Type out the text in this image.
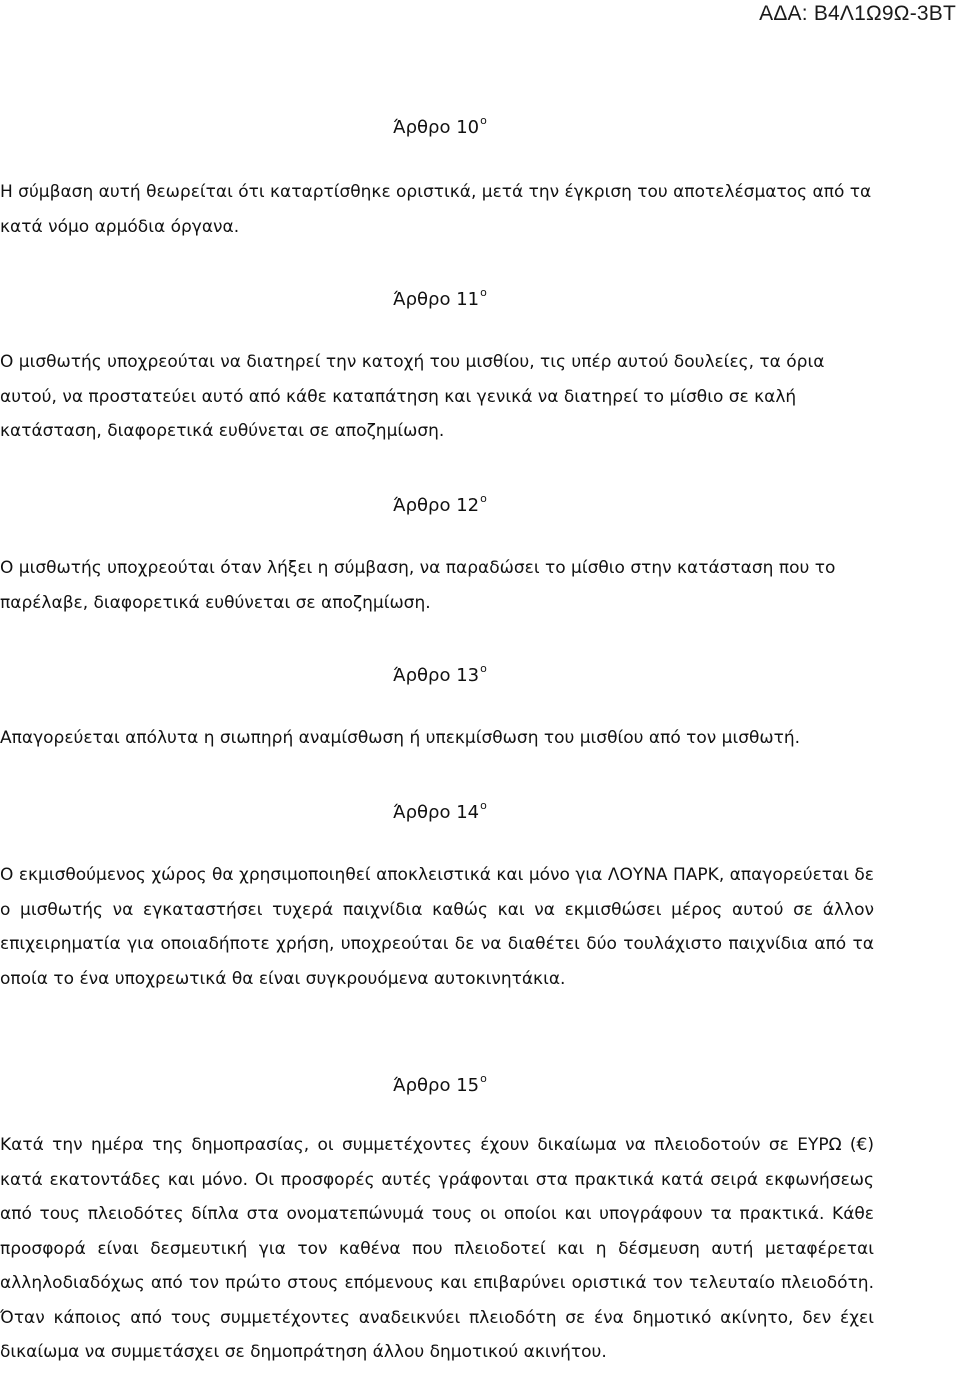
ΑΔΑ: Β4Λ1Ω9Ω-3ΒΤ
Άρθρο $10^o$

Η σύμβαση αυτή θεωρείται ότι καταρτίσθηκε οριστικά, μετά την έγκριση του αποτελέσματος από τα κατά νόμο αρμόδια όργανα.

Άρθρο $11^o$

Ο μισθωτής υποχρεούται να διατηρεί την κατοχή του μισθίου, τις υπέρ αυτού δουλείες, τα όρια αυτού, να προστατεύει αυτό από κάθε καταπάτηση και γενικά να διατηρεί το μίσθιο σε καλή κατάσταση, διαφορετικά ευθύνεται σε αποζημίωση.

Άρθρο $12^o$

Ο μισθωτής υποχρεούται όταν λήξει η σύμβαση, να παραδώσει το μίσθιο στην κατάσταση που το παρέλαβε, διαφορετικά ευθύνεται σε αποζημίωση.

Άρθρο $13^o$

Απαγορεύεται απόλυτα η σιωπηρή αναμίσθωση ή υπεκμίσθωση του μισθίου από τον μισθωτή.

Άρθρο $14^o$

Ο εκμισθούμενος χώρος θα χρησιμοποιηθεί αποκλειστικά και μόνο για ΛΟΥΝΑ ΠΑΡΚ, απαγορεύεται δε ο μισθωτής να εγκαταστήσει τυχερά παιχνίδια καθώς και να εκμισθώσει μέρος αυτού σε άλλον επιχειρηματία για οποιαδήποτε χρήση, υποχρεούται δε να διαθέτει δύο τουλάχιστο παιχνίδια από τα οποία το ένα υποχρεωτικά θα είναι συγκρουόμενα αυτοκινητάκια.

Άρθρο $15^o$

Κατά την ημέρα της δημοπρασίας, οι συμμετέχοντες έχουν δικαίωμα να πλειοδοτούν σε ΕΥΡΩ (€) κατά εκατοντάδες και μόνο. Οι προσφορές αυτές γράφονται στα πρακτικά κατά σειρά εκφωνήσεως από τους πλειοδότες δίπλα στα ονοματεπώνυμά τους οι οποίοι και υπογράφουν τα πρακτικά. Κάθε προσφορά είναι δεσμευτική για τον καθένα που πλειοδοτεί και η δέσμευση αυτή μεταφέρεται αλληλοδιαδόχως από τον πρώτο στους επόμενους και επιβαρύνει οριστικά τον τελευταίο πλειοδότη. Όταν κάποιος από τους συμμετέχοντες αναδεικνύει πλειοδότη σε ένα δημοτικό ακίνητο, δεν έχει δικαίωμα να συμμετάσχει σε δημοπράτηση άλλου δημοτικού ακινήτου.
